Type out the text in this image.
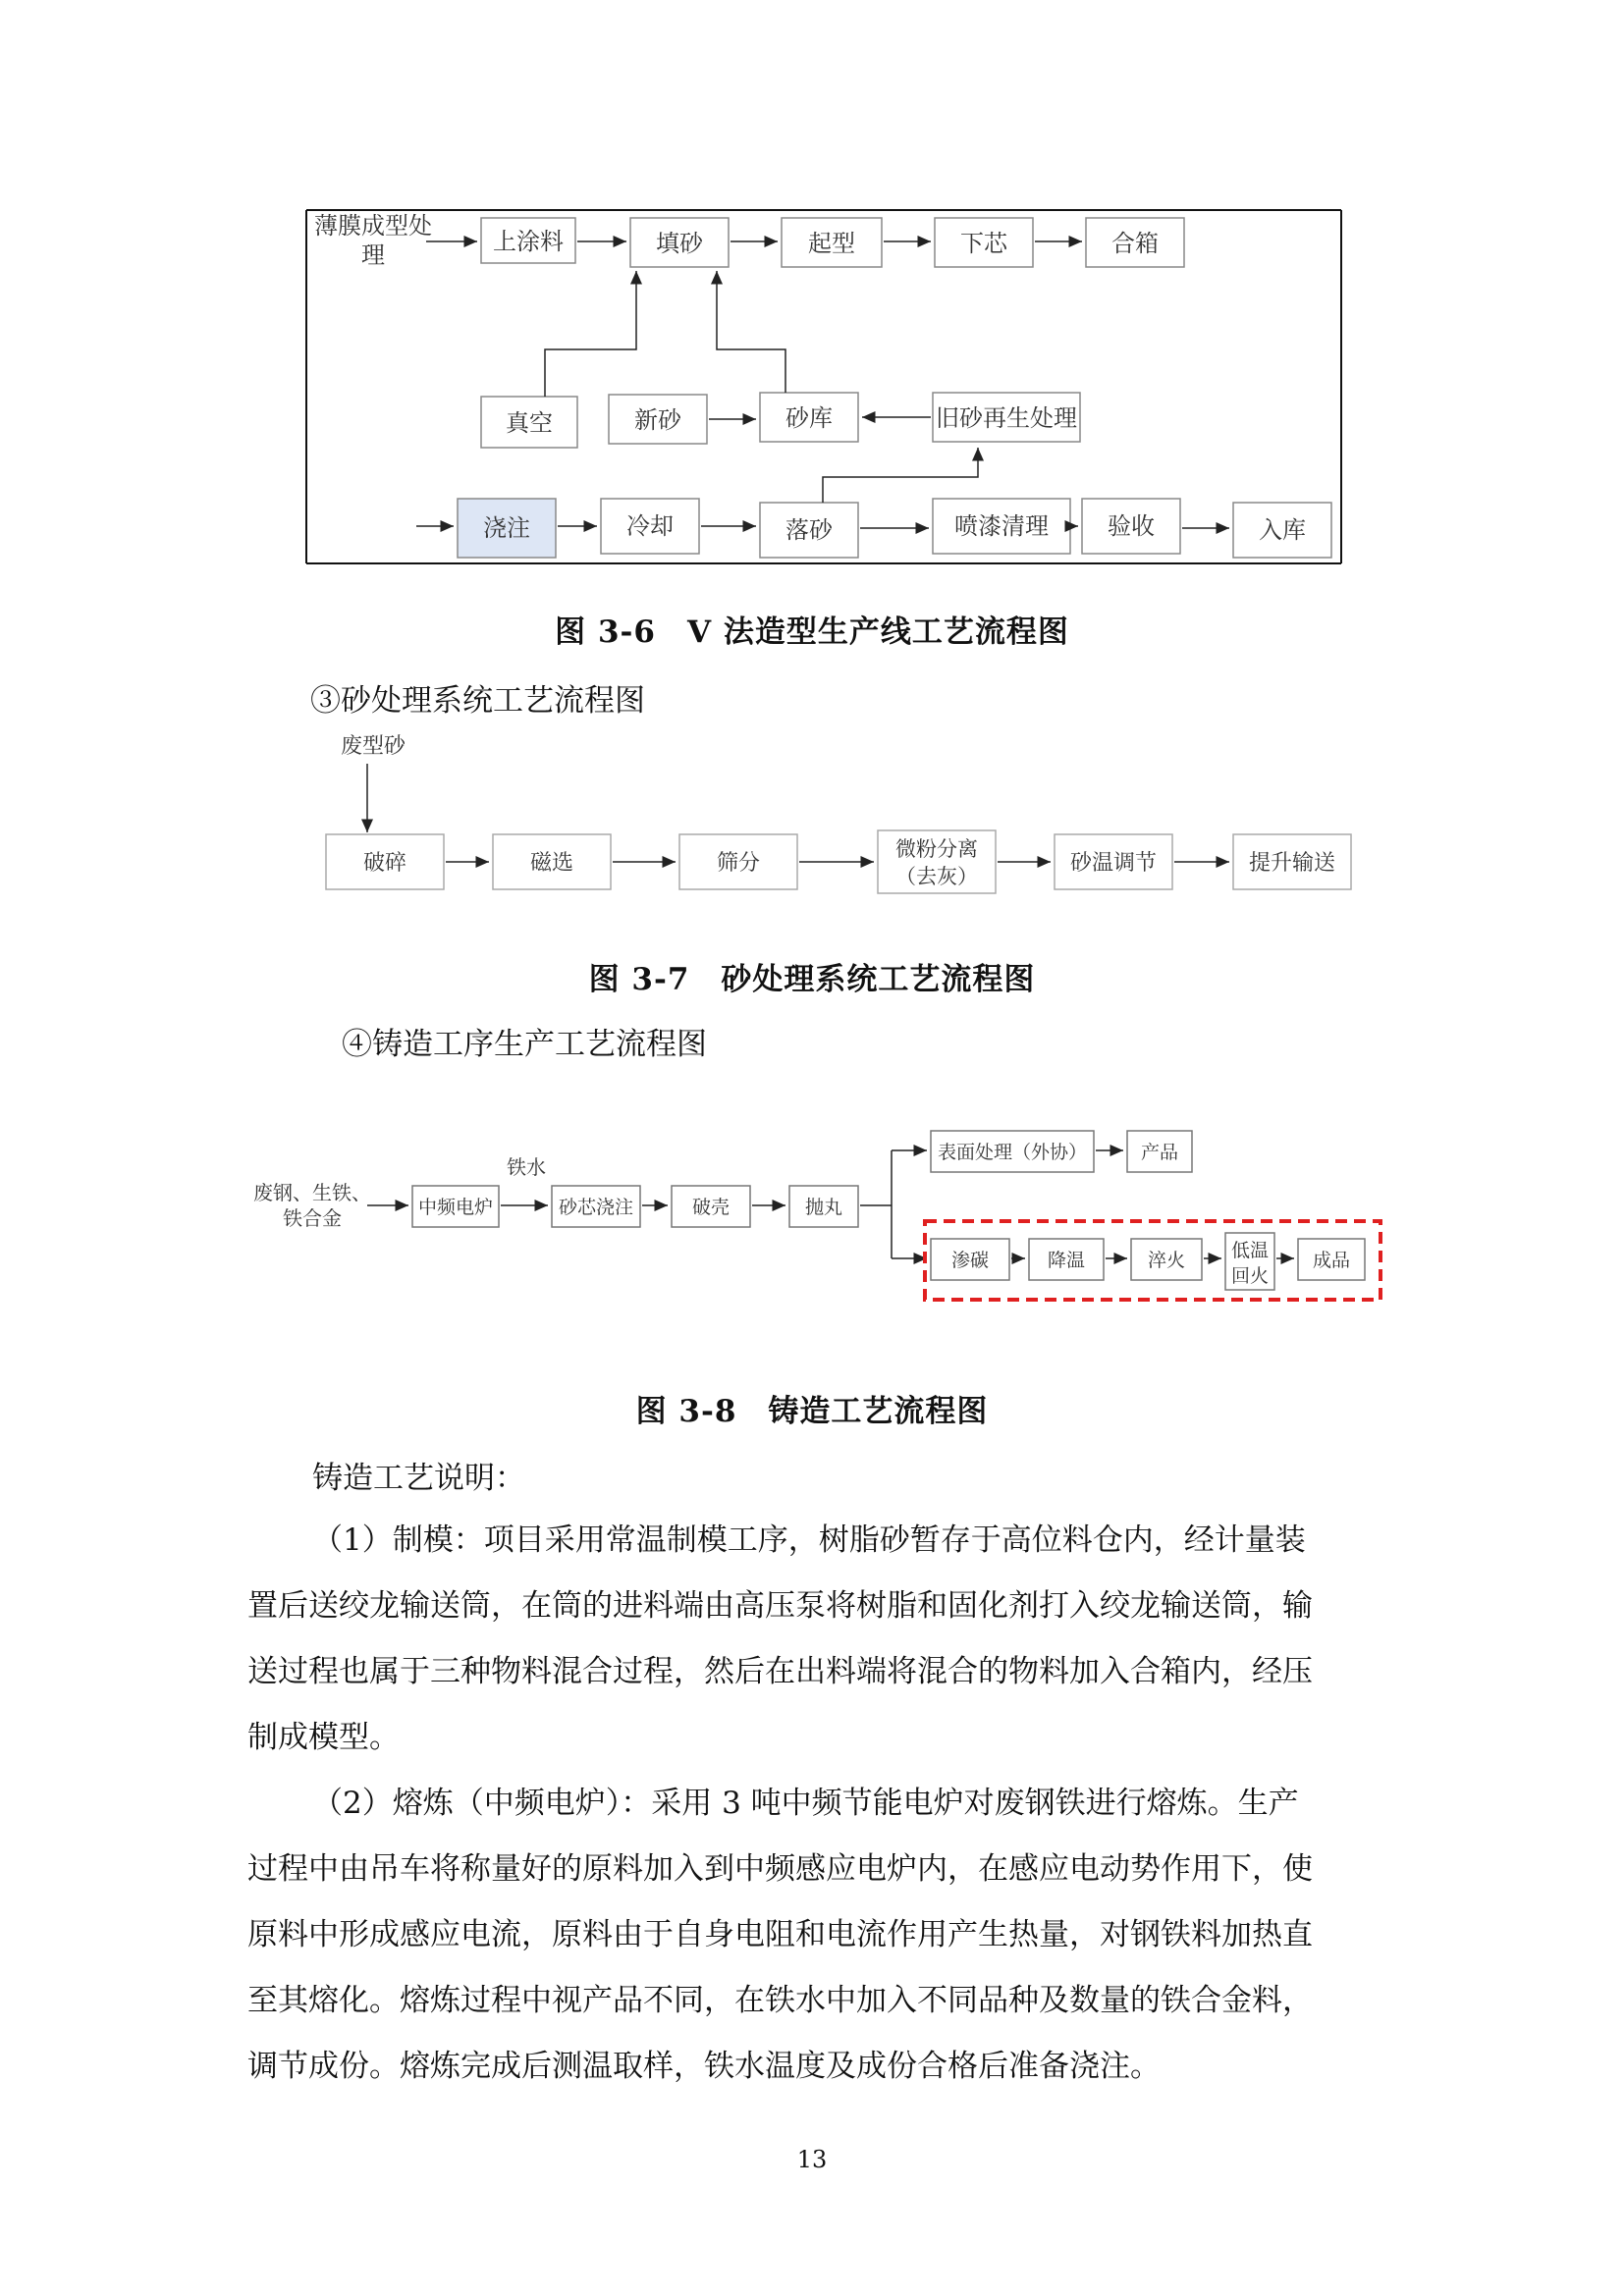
薄膜成型处
理	上涂料	填砂	起型	下芯	合箱
真空	新砂	砂库	旧砂再生处理
浇注	冷却	落砂	喷漆清理	验收	入库
图 3-6　V 法造型生产线工艺流程图
③砂处理系统工艺流程图
废型砂
破碎	磁选	筛分
微粉分离
（去灰）
砂温调节	提升输送
图 3-7　砂处理系统工艺流程图
④铸造工序生产工艺流程图
废钢、生铁、
铁合金	中频电炉
铁水
砂芯浇注	破壳	抛丸
表面处理（外协）	产品
渗碳	降温	淬火 低温
回火
成品
图 3-8　铸造工艺流程图
铸造工艺说明：
（1）制模：项目采用常温制模工序，树脂砂暂存于高位料仓内，经计量装
置后送绞龙输送筒，在筒的进料端由高压泵将树脂和固化剂打入绞龙输送筒，输
送过程也属于三种物料混合过程，然后在出料端将混合的物料加入合箱内，经压
制成模型。
（2）熔炼（中频电炉）：采用 3 吨中频节能电炉对废钢铁进行熔炼。生产
过程中由吊车将称量好的原料加入到中频感应电炉内，在感应电动势作用下，使
原料中形成感应电流，原料由于自身电阻和电流作用产生热量，对钢铁料加热直
至其熔化。熔炼过程中视产品不同，在铁水中加入不同品种及数量的铁合金料，
调节成份。熔炼完成后测温取样，铁水温度及成份合格后准备浇注。
13
